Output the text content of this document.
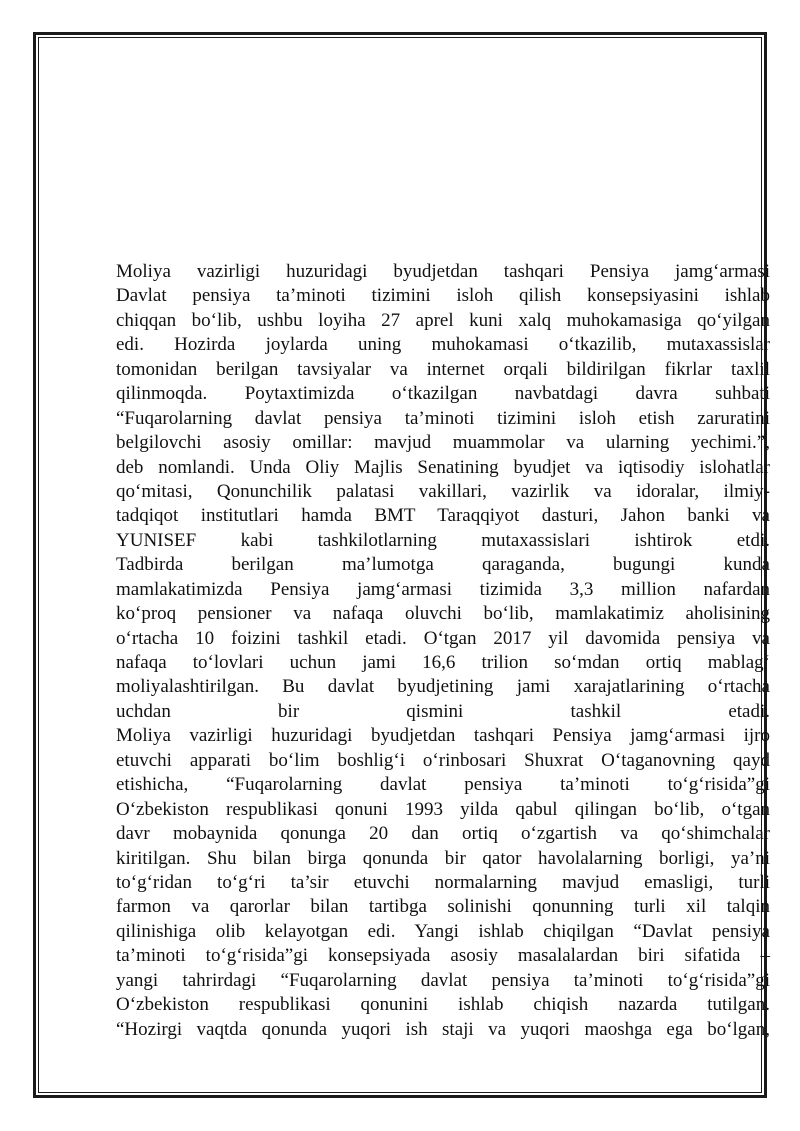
Moliya vazirligi huzuridagi byudjetdan tashqari Pensiya jamg‘armasi
Davlat pensiya ta’minoti tizimini isloh qilish konsepsiyasini ishlab
chiqqan bo‘lib, ushbu loyiha 27 aprel kuni xalq muhokamasiga qo‘yilgan
edi. Hozirda joylarda uning muhokamasi o‘tkazilib, mutaxassislar
tomonidan berilgan tavsiyalar va internet orqali bildirilgan fikrlar taxlil
qilinmoqda. Poytaxtimizda o‘tkazilgan navbatdagi davra suhbati
“Fuqarolarning davlat pensiya ta’minoti tizimini isloh etish zaruratini
belgilovchi asosiy omillar: mavjud muammolar va ularning yechimi.”,
deb nomlandi. Unda Oliy Majlis Senatining byudjet va iqtisodiy islohatlar
qo‘mitasi, Qonunchilik palatasi vakillari, vazirlik va idoralar, ilmiy-
tadqiqot institutlari hamda BMT Taraqqiyot dasturi, Jahon banki va
YUNISEF kabi tashkilotlarning mutaxassislari ishtirok etdi.
Tadbirda berilgan ma’lumotga qaraganda, bugungi kunda
mamlakatimizda Pensiya jamg‘armasi tizimida 3,3 million nafardan
ko‘proq pensioner va nafaqa oluvchi bo‘lib, mamlakatimiz aholisining
o‘rtacha 10 foizini tashkil etadi. O‘tgan 2017 yil davomida pensiya va
nafaqa to‘lovlari uchun jami 16,6 trilion so‘mdan ortiq mablag‘
moliyalashtirilgan. Bu davlat byudjetining jami xarajatlarining o‘rtacha
uchdan bir qismini tashkil etadi.
Moliya vazirligi huzuridagi byudjetdan tashqari Pensiya jamg‘armasi ijro
etuvchi apparati bo‘lim boshlig‘i o‘rinbosari Shuxrat O‘taganovning qayd
etishicha, “Fuqarolarning davlat pensiya ta’minoti to‘g‘risida”gi
O‘zbekiston respublikasi qonuni 1993 yilda qabul qilingan bo‘lib, o‘tgan
davr mobaynida qonunga 20 dan ortiq o‘zgartish va qo‘shimchalar
kiritilgan. Shu bilan birga qonunda bir qator havolalarning borligi, ya’ni
to‘g‘ridan to‘g‘ri ta’sir etuvchi normalarning mavjud emasligi, turli
farmon va qarorlar bilan tartibga solinishi qonunning turli xil talqin
qilinishiga olib kelayotgan edi. Yangi ishlab chiqilgan “Davlat pensiya
ta’minoti to‘g‘risida”gi konsepsiyada asosiy masalalardan biri sifatida –
yangi tahrirdagi “Fuqarolarning davlat pensiya ta’minoti to‘g‘risida”gi
O‘zbekiston respublikasi qonunini ishlab chiqish nazarda tutilgan.
“Hozirgi vaqtda qonunda yuqori ish staji va yuqori maoshga ega bo‘lgan,
